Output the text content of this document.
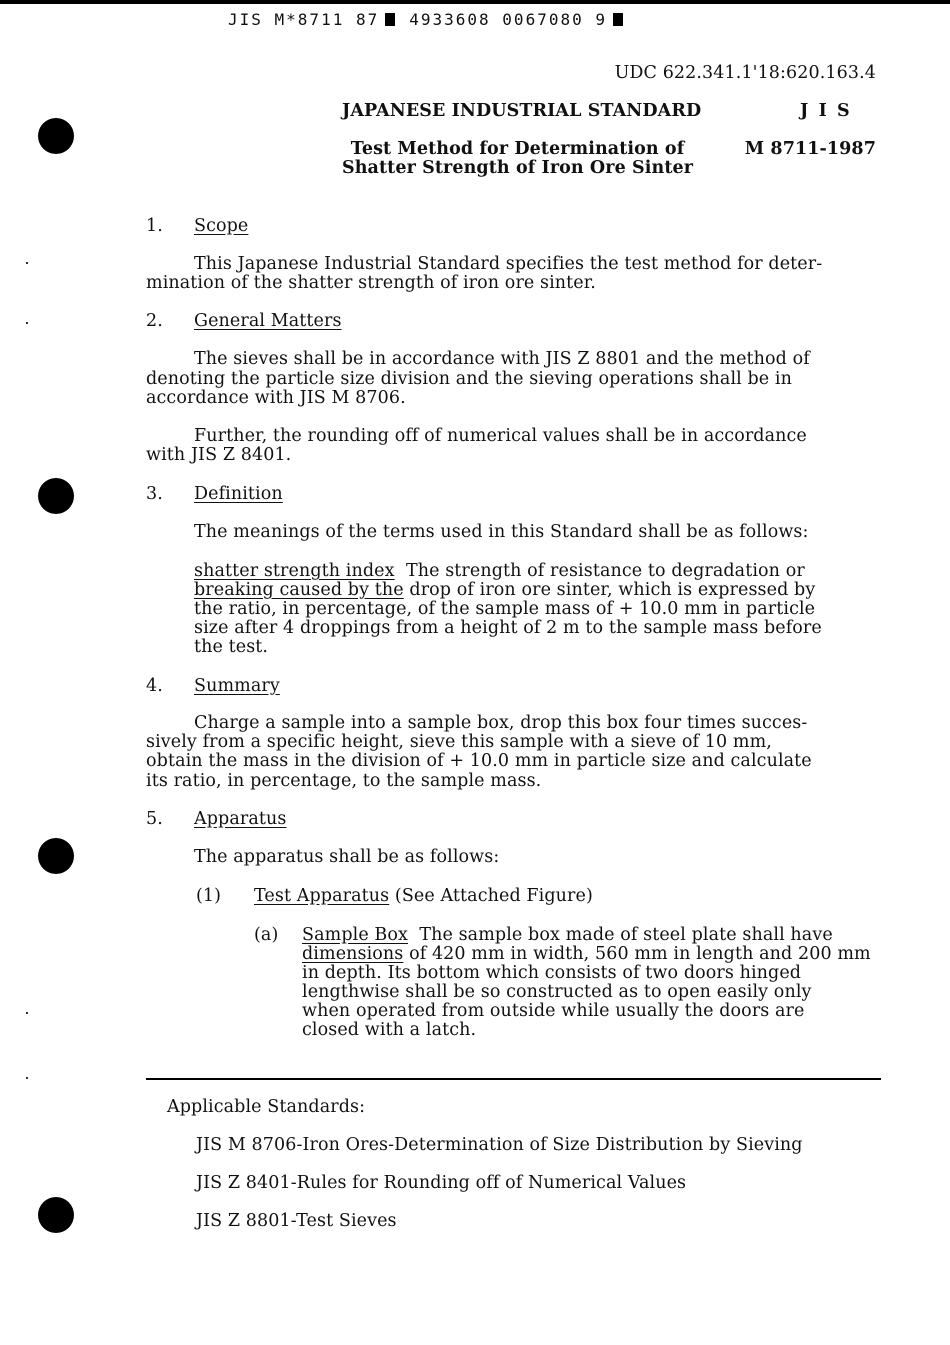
JIS M*8711 87 4933608 0067080 9
UDC 622.341.1'18:620.163.4
JAPANESE INDUSTRIAL STANDARD	J I S
Test Method for Determination of
Shatter Strength of Iron Ore Sinter
M 8711-1987
1. Scope
This Japanese Industrial Standard specifies the test method for deter-
mination of the shatter strength of iron ore sinter.
2. General Matters
The sieves shall be in accordance with JIS Z 8801 and the method of
denoting the particle size division and the sieving operations shall be in
accordance with JIS M 8706.
Further, the rounding off of numerical values shall be in accordance
with JIS Z 8401.
3. Definition
The meanings of the terms used in this Standard shall be as follows:
shatter strength index The strength of resistance to degradation or
breaking caused by the drop of iron ore sinter, which is expressed by
the ratio, in percentage, of the sample mass of + 10.0 mm in particle
size after 4 droppings from a height of 2 m to the sample mass before
the test.
4. Summary
Charge a sample into a sample box, drop this box four times succes-
sively from a specific height, sieve this sample with a sieve of 10 mm,
obtain the mass in the division of + 10.0 mm in particle size and calculate
its ratio, in percentage, to the sample mass.
5. Apparatus
The apparatus shall be as follows:
(1) Test Apparatus (See Attached Figure)
(a) Sample Box The sample box made of steel plate shall have
dimensions of 420 mm in width, 560 mm in length and 200 mm
in depth. Its bottom which consists of two doors hinged
lengthwise shall be so constructed as to open easily only
when operated from outside while usually the doors are
closed with a latch.
Applicable Standards:
JIS M 8706-Iron Ores-Determination of Size Distribution by Sieving
JIS Z 8401-Rules for Rounding off of Numerical Values
JIS Z 8801-Test Sieves
